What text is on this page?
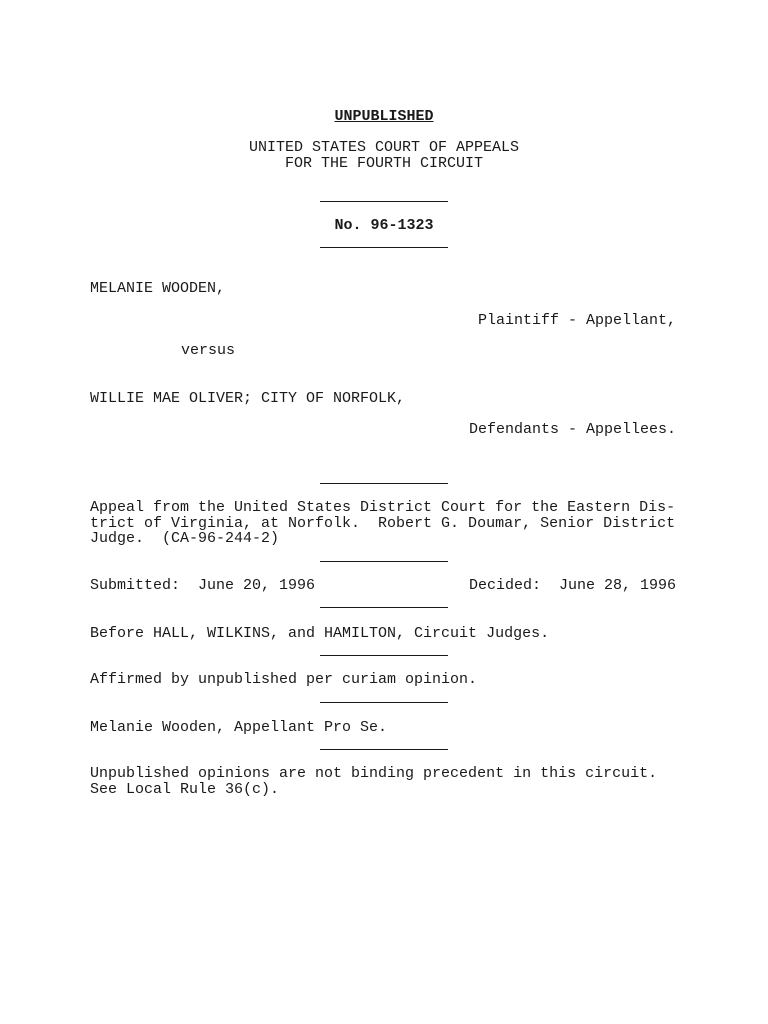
UNPUBLISHED

UNITED STATES COURT OF APPEALS

FOR THE FOURTH CIRCUIT

No. 96-1323

MELANIE WOODEN,

Plaintiff - Appellant,

versus

WILLIE MAE OLIVER; CITY OF NORFOLK,

Defendants - Appellees.

Appeal from the United States District Court for the Eastern Dis-

trict of Virginia, at Norfolk.  Robert G. Doumar, Senior District

Judge.  (CA-96-244-2)

Submitted:  June 20, 1996	Decided:  June 28, 1996

Before HALL, WILKINS, and HAMILTON, Circuit Judges.

Affirmed by unpublished per curiam opinion.

Melanie Wooden, Appellant Pro Se.

Unpublished opinions are not binding precedent in this circuit.

See Local Rule 36(c).
